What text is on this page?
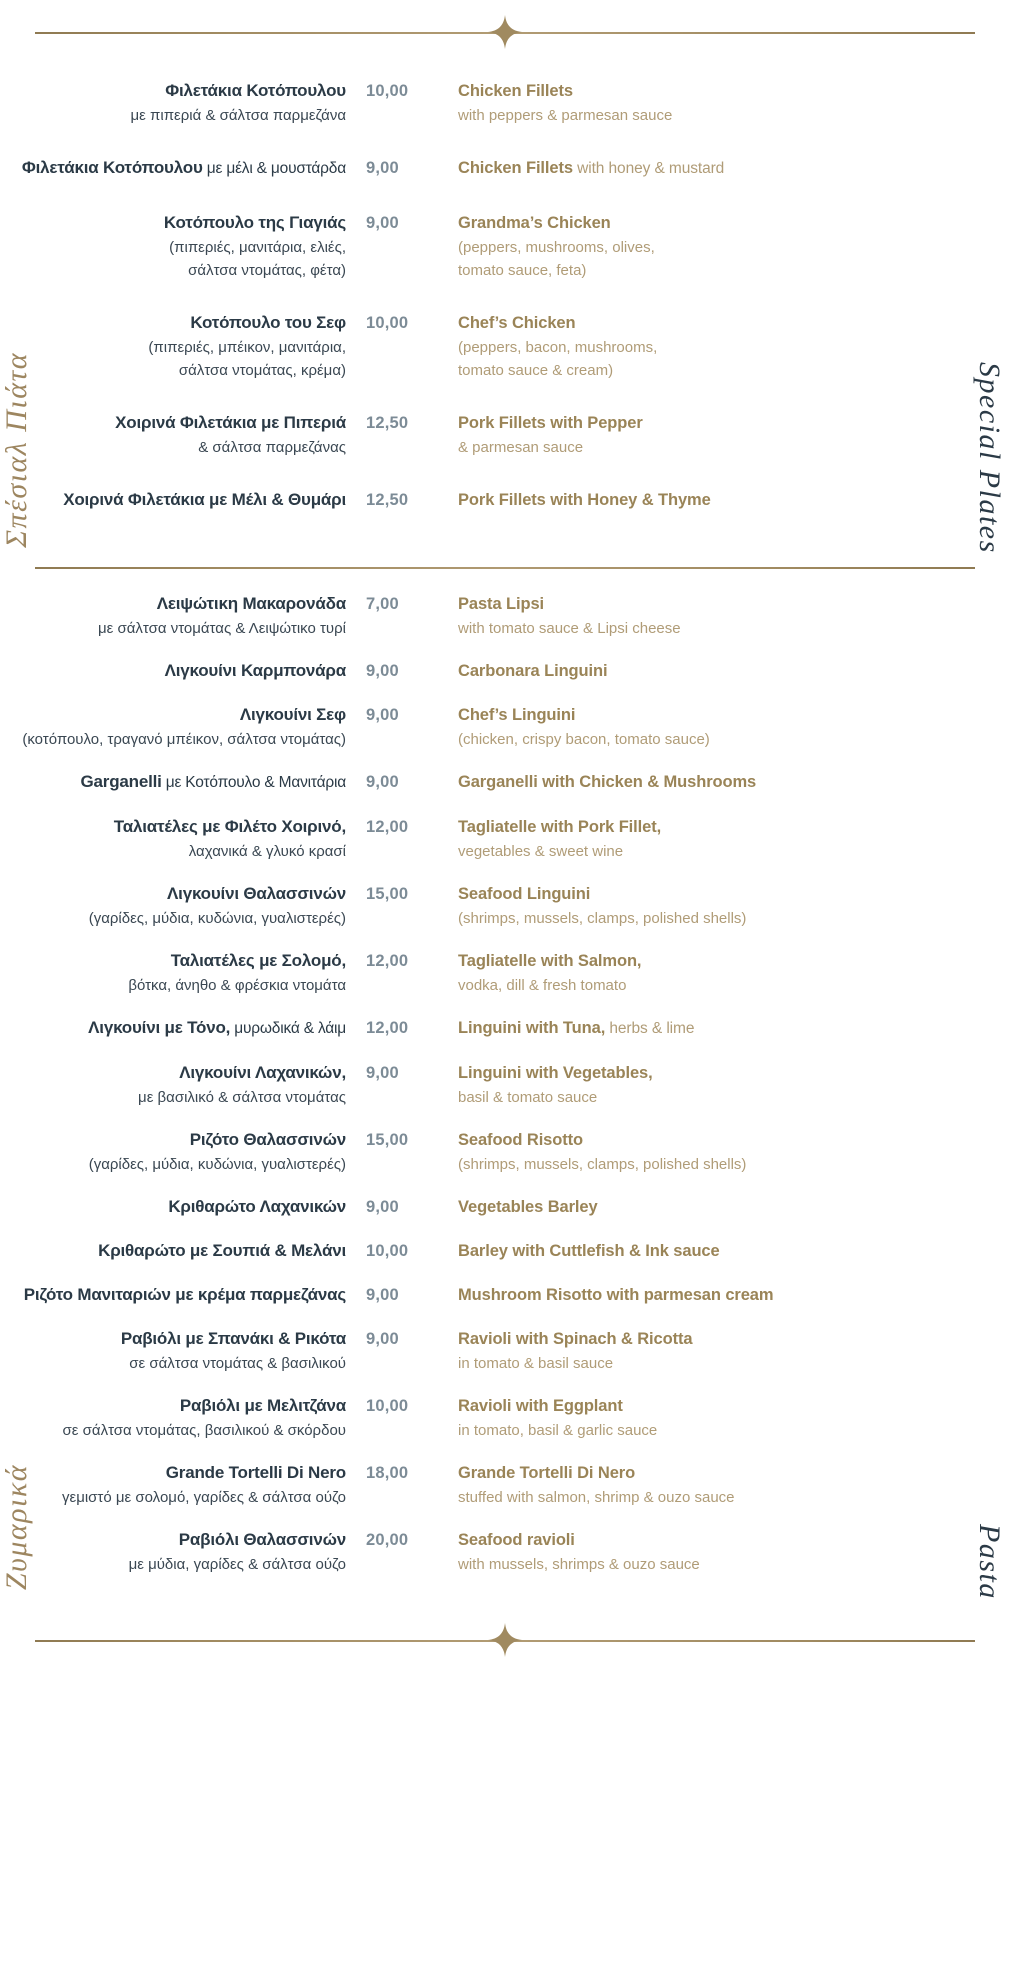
Σπέσιαλ Πιάτα	Special Plates
Φιλετάκια Κοτόπουλου
με πιπεριά & σάλτσα παρμεζάνα
10,00	Chicken Fillets
with peppers & parmesan sauce
Φιλετάκια Κοτόπουλου με μέλι & μουστάρδα	9,00	Chicken Fillets with honey & mustard
Κοτόπουλο της Γιαγιάς
(πιπεριές, μανιτάρια, ελιές,
σάλτσα ντομάτας, φέτα)
9,00	Grandma’s Chicken
(peppers, mushrooms, olives,
tomato sauce, feta)
Κοτόπουλο του Σεφ
(πιπεριές, μπέικον, μανιτάρια,
σάλτσα ντομάτας, κρέμα)
10,00	Chef’s Chicken
(peppers, bacon, mushrooms,
tomato sauce & cream)
Χοιρινά Φιλετάκια με Πιπεριά
& σάλτσα παρμεζάνας
12,50	Pork Fillets with Pepper
& parmesan sauce
Χοιρινά Φιλετάκια με Μέλι & Θυμάρι	12,50	Pork Fillets with Honey & Thyme
Ζυμαρικά	Pasta
Λειψώτικη Μακαρονάδα
με σάλτσα ντομάτας & Λειψώτικο τυρί
7,00	Pasta Lipsi
with tomato sauce & Lipsi cheese
Λιγκουίνι Καρμπονάρα	9,00	Carbonara Linguini
Λιγκουίνι Σεφ
(κοτόπουλο, τραγανό μπέικον, σάλτσα ντομάτας)
9,00	Chef’s Linguini
(chicken, crispy bacon, tomato sauce)
Garganelli με Κοτόπουλο & Μανιτάρια	9,00	Garganelli with Chicken & Mushrooms
Ταλιατέλες με Φιλέτο Χοιρινό,
λαχανικά & γλυκό κρασί
12,00	Tagliatelle with Pork Fillet,
vegetables & sweet wine
Λιγκουίνι Θαλασσινών
(γαρίδες, μύδια, κυδώνια, γυαλιστερές)
15,00	Seafood Linguini
(shrimps, mussels, clamps, polished shells)
Ταλιατέλες με Σολομό,
βότκα, άνηθο & φρέσκια ντομάτα
12,00	Tagliatelle with Salmon,
vodka, dill & fresh tomato
Λιγκουίνι με Τόνο, μυρωδικά & λάιμ	12,00	Linguini with Tuna, herbs & lime
Λιγκουίνι Λαχανικών,
με βασιλικό & σάλτσα ντομάτας
9,00	Linguini with Vegetables,
basil & tomato sauce
Ριζότο Θαλασσινών
(γαρίδες, μύδια, κυδώνια, γυαλιστερές)
15,00	Seafood Risotto
(shrimps, mussels, clamps, polished shells)
Κριθαρώτο Λαχανικών	9,00	Vegetables Barley
Κριθαρώτο με Σουπιά & Μελάνι	10,00	Barley with Cuttlefish & Ink sauce
Ριζότο Μανιταριών με κρέμα παρμεζάνας	9,00	Mushroom Risotto with parmesan cream
Ραβιόλι με Σπανάκι & Ρικότα
σε σάλτσα ντομάτας & βασιλικού
9,00	Ravioli with Spinach & Ricotta
in tomato & basil sauce
Ραβιόλι με Μελιτζάνα
σε σάλτσα ντομάτας, βασιλικού & σκόρδου
10,00	Ravioli with Eggplant
in tomato, basil & garlic sauce
Grande Tortelli Di Nero
γεμιστό με σολομό, γαρίδες & σάλτσα ούζο
18,00	Grande Tortelli Di Nero
stuffed with salmon, shrimp & ouzo sauce
Ραβιόλι Θαλασσινών
με μύδια, γαρίδες & σάλτσα ούζο
20,00	Seafood ravioli
with mussels, shrimps & ouzo sauce
